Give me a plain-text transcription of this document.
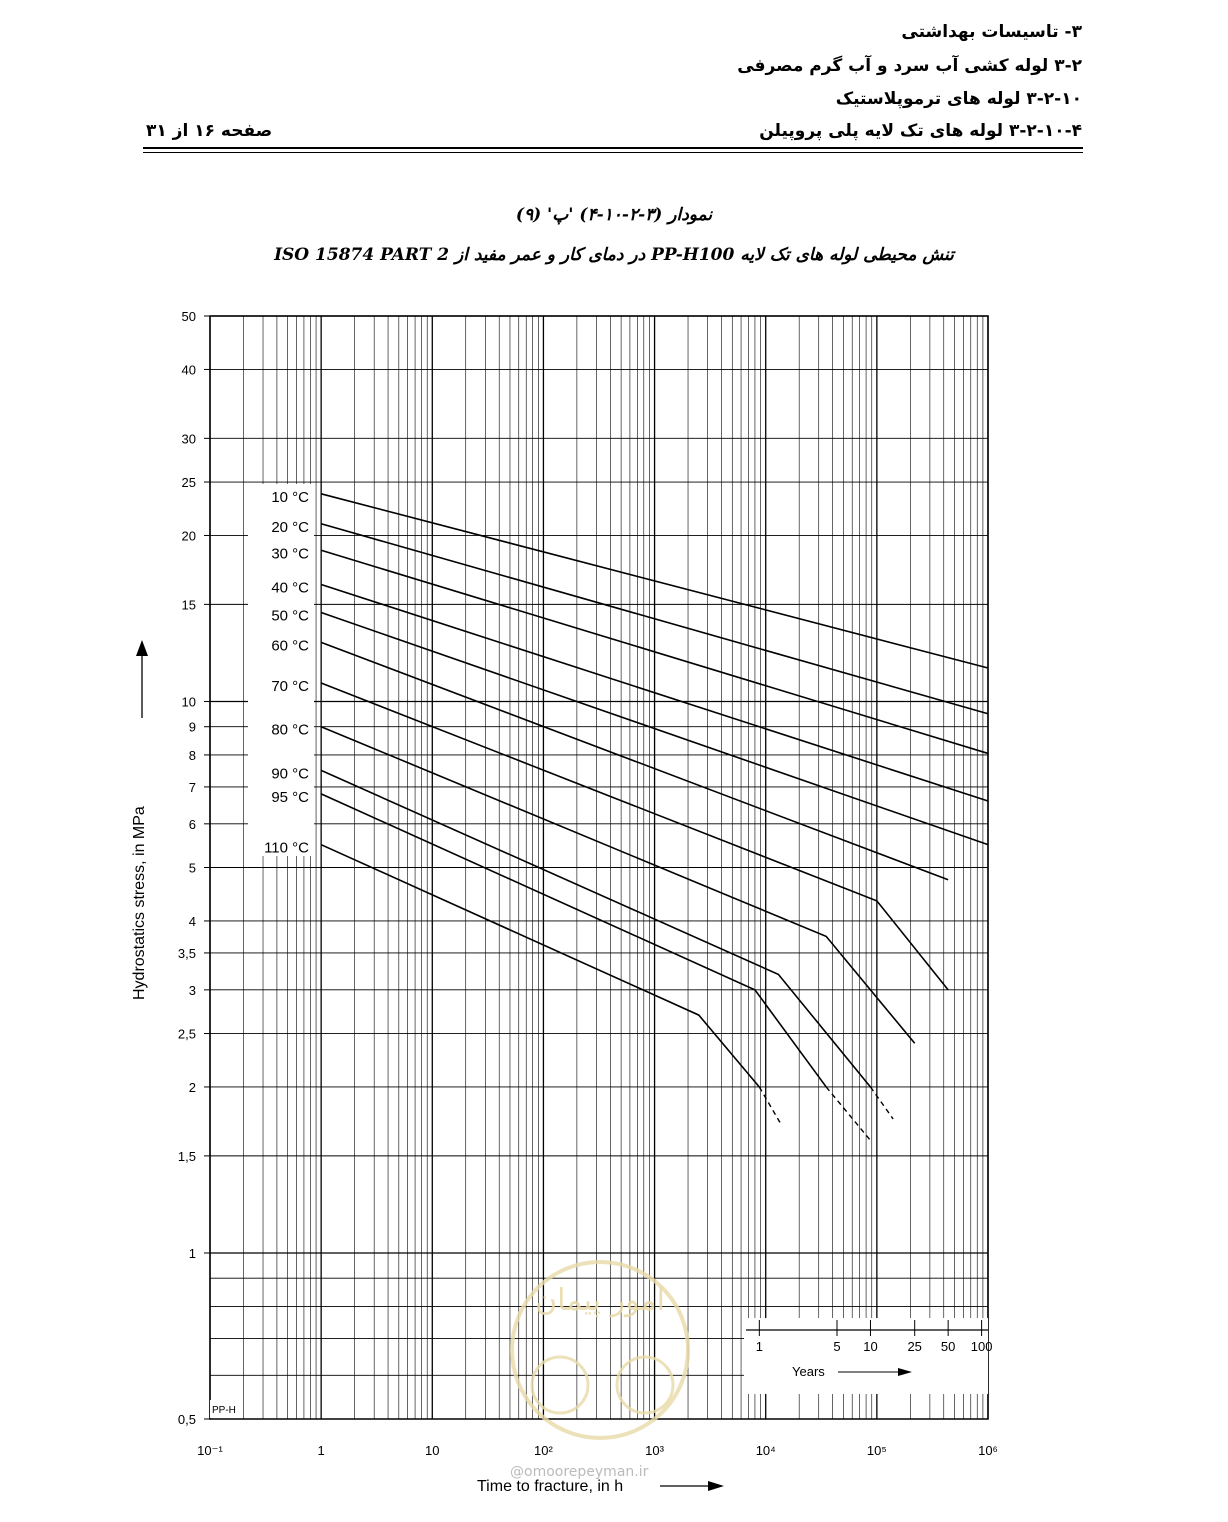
۳- تاسیسات بهداشتی
۳-۲ لوله کشی آب سرد و آب گرم مصرفی
۳-۲-۱۰ لوله های ترموپلاستیک
۳-۲-۱۰-۴ لوله های تک لایه پلی پروپیلن
صفحه ۱۶ از ۳۱
نمودار (۳-۲-۱۰-۴) 'پ' (۹)
تنش محیطی لوله های تک لایه PP-H100 در دمای کار و عمر مفید از ISO 15874 PART 2
50
40
30
25
20
15
10
9
8
7
6
5
4
3,5
3
2,5
2
1,5
1
0,5
10⁻¹	1	10	10²	10³	10⁴	10⁵	10⁶
Hydrostatics stress, in MPa
Time to fracture, in h
PP-H
1	5 10 25 50 100
Years
10 °C
20 °C
30 °C
40 °C
50 °C
60 °C
70 °C
80 °C
90 °C
95 °C
110 °C
امور پیمان
@omoorepeyman.ir
